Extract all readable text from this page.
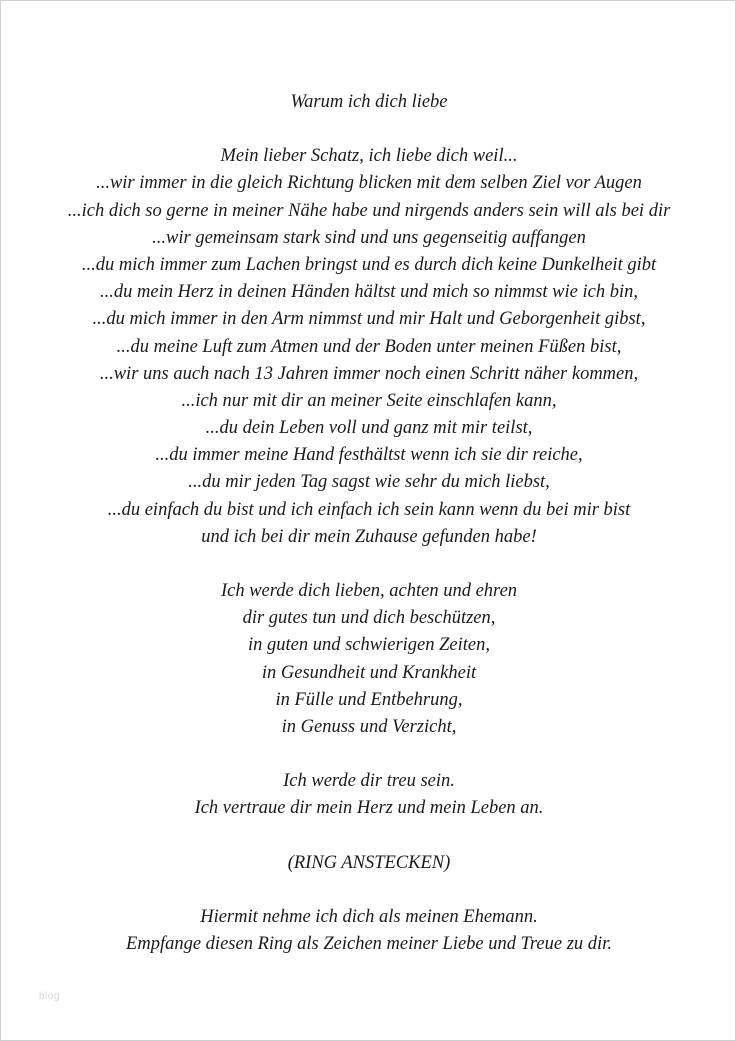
Warum ich dich liebe
Mein lieber Schatz, ich liebe dich weil...
...wir immer in die gleich Richtung blicken mit dem selben Ziel vor Augen
...ich dich so gerne in meiner Nähe habe und nirgends anders sein will als bei dir
...wir gemeinsam stark sind und uns gegenseitig auffangen
...du mich immer zum Lachen bringst und es durch dich keine Dunkelheit gibt
...du mein Herz in deinen Händen hältst und mich so nimmst wie ich bin,
...du mich immer in den Arm nimmst und mir Halt und Geborgenheit gibst,
...du meine Luft zum Atmen und der Boden unter meinen Füßen bist,
...wir uns auch nach 13 Jahren immer noch einen Schritt näher kommen,
...ich nur mit dir an meiner Seite einschlafen kann,
...du dein Leben voll und ganz mit mir teilst,
...du immer meine Hand festhältst wenn ich sie dir reiche,
...du mir jeden Tag sagst wie sehr du mich liebst,
...du einfach du bist und ich einfach ich sein kann wenn du bei mir bist
und ich bei dir mein Zuhause gefunden habe!
Ich werde dich lieben, achten und ehren
dir gutes tun und dich beschützen,
in guten und schwierigen Zeiten,
in Gesundheit und Krankheit
in Fülle und Entbehrung,
in Genuss und Verzicht,
Ich werde dir treu sein.
Ich vertraue dir mein Herz und mein Leben an.
(RING ANSTECKEN)
Hiermit nehme ich dich als meinen Ehemann.
Empfange diesen Ring als Zeichen meiner Liebe und Treue zu dir.
blog
